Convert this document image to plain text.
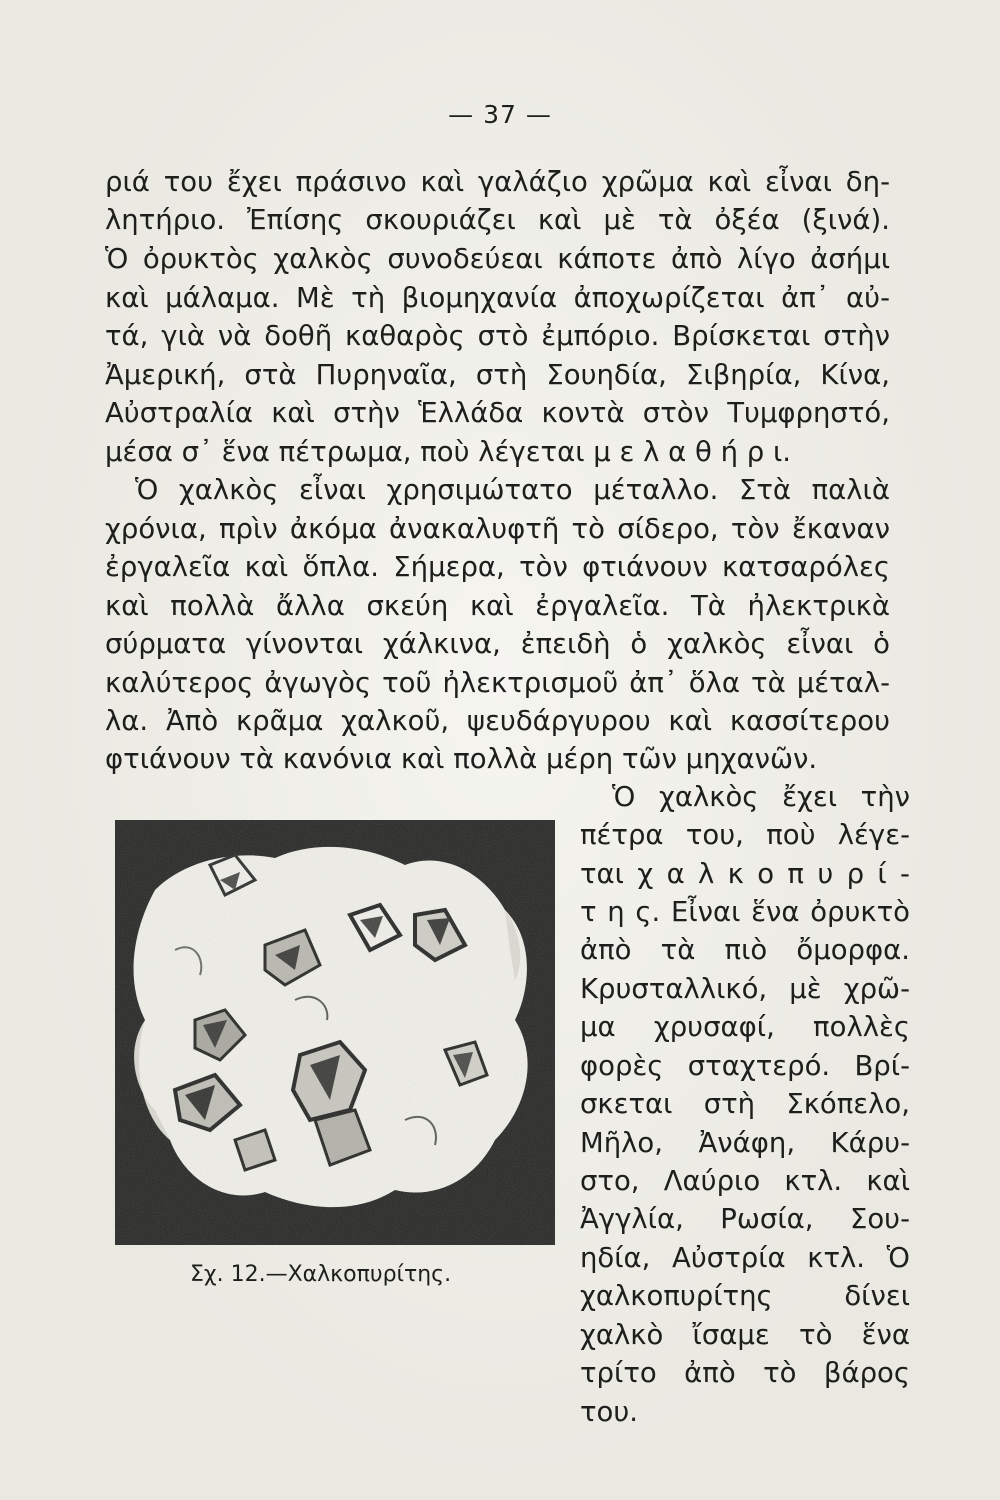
— 37 —
ριά του ἔχει πράσινο καὶ γαλάζιο χρῶμα καὶ εἶναι δη-
λητήριο. Ἐπίσης σκουριάζει καὶ μὲ τὰ ὀξέα (ξινά).
Ὁ ὀρυκτὸς χαλκὸς συνοδεύεαι κάποτε ἀπὸ λίγο ἀσήμι
καὶ μάλαμα. Μὲ τὴ βιομηχανία ἀποχωρίζεται ἀπ᾽ αὐ-
τά, γιὰ νὰ δοθῆ καθαρὸς στὸ ἐμπόριο. Βρίσκεται στὴν
Ἀμερική, στὰ Πυρηναῖα, στὴ Σουηδία, Σιβηρία, Κίνα,
Αὐστραλία καὶ στὴν Ἑλλάδα κοντὰ στὸν Τυμφρηστό,
μέσα σ᾽ ἕνα πέτρωμα, ποὺ λέγεται μ ε λ α θ ή ρ ι.
Ὁ χαλκὸς εἶναι χρησιμώτατο μέταλλο. Στὰ παλιὰ
χρόνια, πρὶν ἀκόμα ἀνακαλυφτῆ τὸ σίδερο, τὸν ἔκαναν
ἐργαλεῖα καὶ ὅπλα. Σήμερα, τὸν φτιάνουν κατσαρόλες
καὶ πολλὰ ἄλλα σκεύη καὶ ἐργαλεῖα. Τὰ ἠλεκτρικὰ
σύρματα γίνονται χάλκινα, ἐπειδὴ ὁ χαλκὸς εἶναι ὁ
καλύτερος ἀγωγὸς τοῦ ἠλεκτρισμοῦ ἀπ᾽ ὅλα τὰ μέταλ-
λα. Ἀπὸ κρᾶμα χαλκοῦ, ψευδάργυρου καὶ κασσίτερου
φτιάνουν τὰ κανόνια καὶ πολλὰ μέρη τῶν μηχανῶν.
Σχ. 12.—Χαλκοπυρίτης.
Ὁ χαλκὸς ἔχει τὴν
πέτρα του, ποὺ λέγε-
ται χ α λ κ ο π υ ρ ί -
τ η ς. Εἶναι ἕνα ὀρυκτὸ
ἀπὸ τὰ πιὸ ὄμορφα.
Κρυσταλλικό, μὲ χρῶ-
μα χρυσαφί, πολλὲς
φορὲς σταχτερό. Βρί-
σκεται στὴ Σκόπελο,
Μῆλο, Ἀνάφη, Κάρυ-
στο, Λαύριο κτλ. καὶ
Ἀγγλία, Ρωσία, Σου-
ηδία, Αὐστρία κτλ. Ὁ
χαλκοπυρίτης δίνει
χαλκὸ ἴσαμε τὸ ἕνα
τρίτο ἀπὸ τὸ βάρος
του.
